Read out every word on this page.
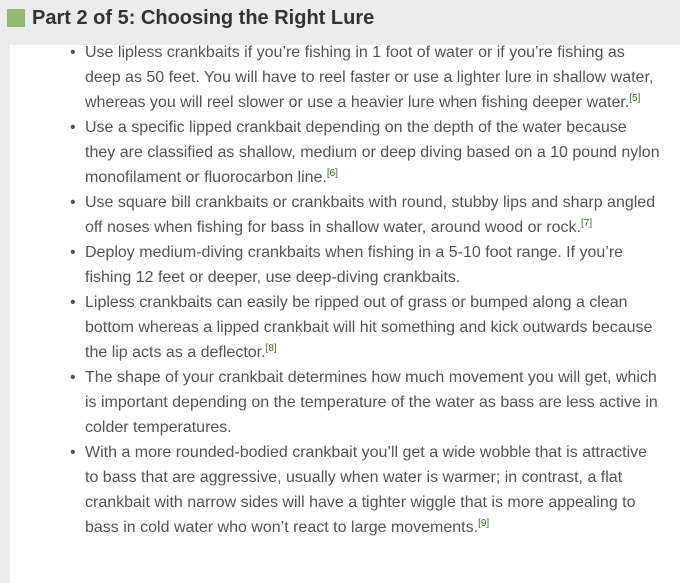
Part 2 of 5: Choosing the Right Lure
• Use lipless crankbaits if you’re fishing in 1 foot of water or if you’re fishing as deep as 50 feet. You will have to reel faster or use a lighter lure in shallow water, whereas you will reel slower or use a heavier lure when fishing deeper water.[5]
• Use a specific lipped crankbait depending on the depth of the water because they are classified as shallow, medium or deep diving based on a 10 pound nylon monofilament or fluorocarbon line.[6]
• Use square bill crankbaits or crankbaits with round, stubby lips and sharp angled off noses when fishing for bass in shallow water, around wood or rock.[7]
• Deploy medium-diving crankbaits when fishing in a 5-10 foot range. If you’re fishing 12 feet or deeper, use deep-diving crankbaits.
• Lipless crankbaits can easily be ripped out of grass or bumped along a clean bottom whereas a lipped crankbait will hit something and kick outwards because the lip acts as a deflector.[8]
• The shape of your crankbait determines how much movement you will get, which is important depending on the temperature of the water as bass are less active in colder temperatures.
• With a more rounded-bodied crankbait you’ll get a wide wobble that is attractive to bass that are aggressive, usually when water is warmer; in contrast, a flat crankbait with narrow sides will have a tighter wiggle that is more appealing to bass in cold water who won’t react to large movements.[9]
